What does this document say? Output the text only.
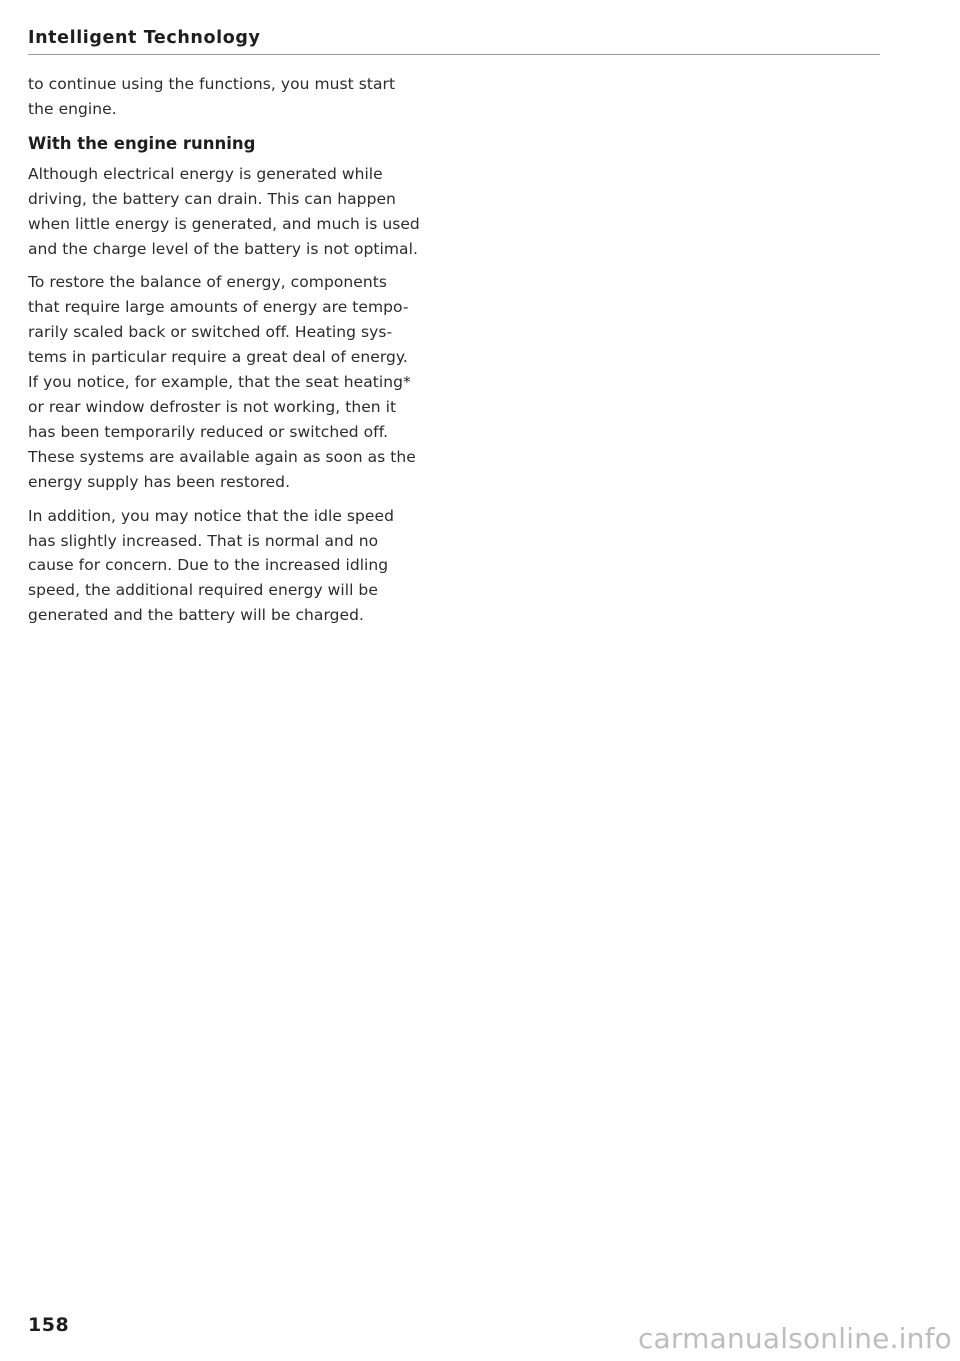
Intelligent Technology

to continue using the functions, you must start
the engine.

With the engine running

Although electrical energy is generated while
driving, the battery can drain. This can happen
when little energy is generated, and much is used
and the charge level of the battery is not optimal.

To restore the balance of energy, components
that require large amounts of energy are tempo-
rarily scaled back or switched off. Heating sys-
tems in particular require a great deal of energy.
If you notice, for example, that the seat heating*
or rear window defroster is not working, then it
has been temporarily reduced or switched off.
These systems are available again as soon as the
energy supply has been restored.

In addition, you may notice that the idle speed
has slightly increased. That is normal and no
cause for concern. Due to the increased idling
speed, the additional required energy will be
generated and the battery will be charged.

158	carmanualsonline.info
